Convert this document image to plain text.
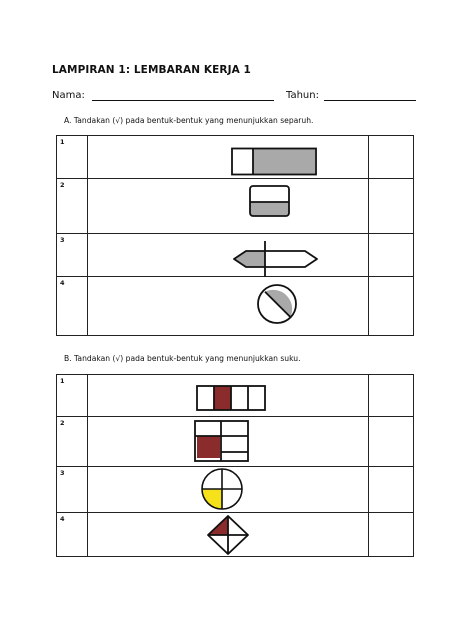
LAMPIRAN 1: LEMBARAN KERJA 1
Nama:	Tahun:
A. Tandakan (√) pada bentuk-bentuk yang menunjukkan separuh.
1

2

3

4

B. Tandakan (√) pada bentuk-bentuk yang menunjukkan suku.
1

2

3

4
